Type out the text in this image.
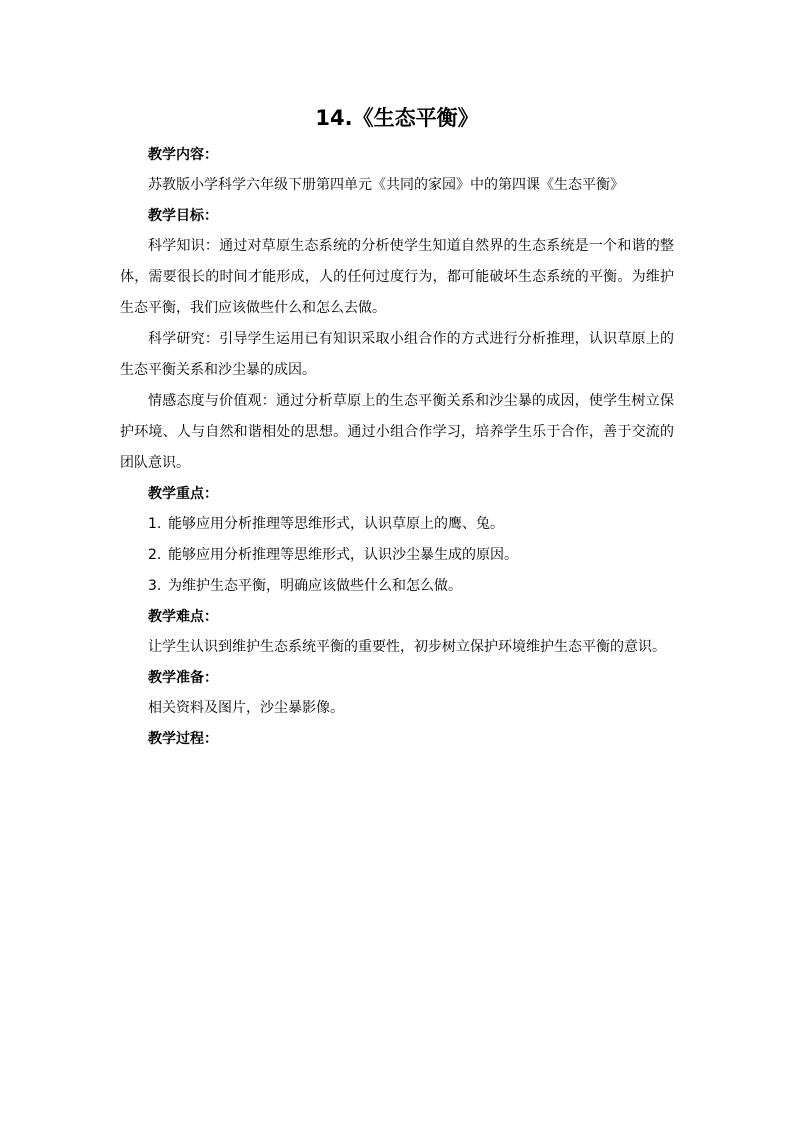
14.《生态平衡》

教学内容：

苏教版小学科学六年级下册第四单元《共同的家园》中的第四课《生态平衡》

教学目标：

科学知识：通过对草原生态系统的分析使学生知道自然界的生态系统是一个和谐的整体，需要很长的时间才能形成，人的任何过度行为，都可能破坏生态系统的平衡。为维护生态平衡，我们应该做些什么和怎么去做。

科学研究：引导学生运用已有知识采取小组合作的方式进行分析推理，认识草原上的生态平衡关系和沙尘暴的成因。

情感态度与价值观：通过分析草原上的生态平衡关系和沙尘暴的成因，使学生树立保护环境、人与自然和谐相处的思想。通过小组合作学习，培养学生乐于合作，善于交流的团队意识。

教学重点：

1. 能够应用分析推理等思维形式，认识草原上的鹰、兔。

2. 能够应用分析推理等思维形式，认识沙尘暴生成的原因。

3. 为维护生态平衡，明确应该做些什么和怎么做。

教学难点：

让学生认识到维护生态系统平衡的重要性，初步树立保护环境维护生态平衡的意识。

教学准备：

相关资料及图片，沙尘暴影像。

教学过程：
